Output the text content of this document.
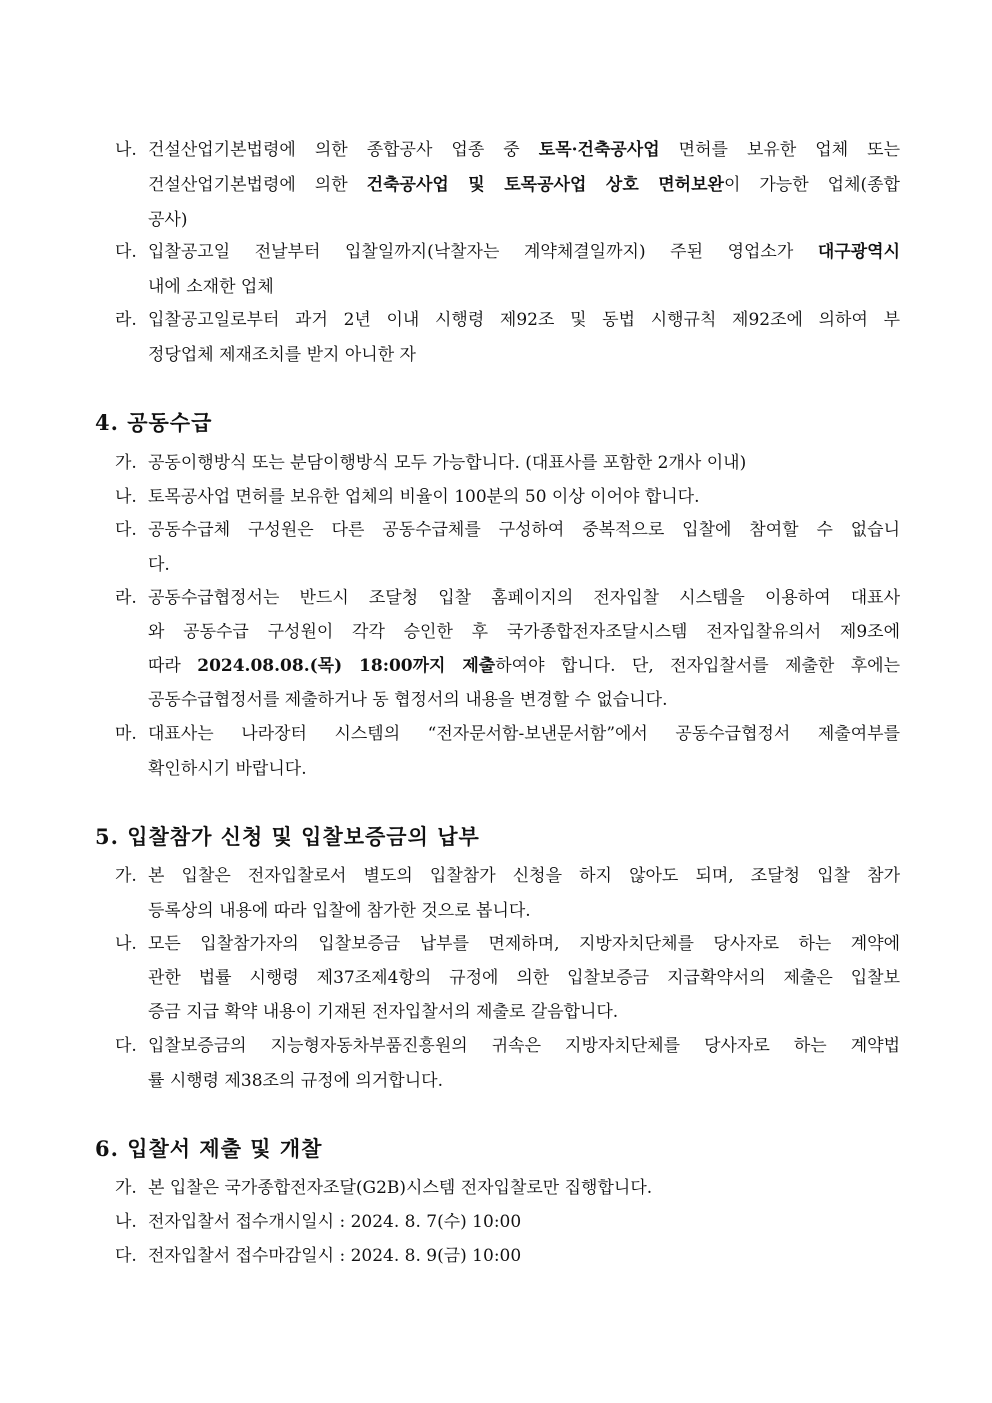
나. 건설산업기본법령에 의한 종합공사 업종 중 토목·건축공사업 면허를 보유한 업체 또는
건설산업기본법령에 의한 건축공사업 및 토목공사업 상호 면허보완이 가능한 업체(종합
공사)
다. 입찰공고일 전날부터 입찰일까지(낙찰자는 계약체결일까지) 주된 영업소가 대구광역시
내에 소재한 업체
라. 입찰공고일로부터 과거 2년 이내 시행령 제92조 및 동법 시행규칙 제92조에 의하여 부
정당업체 제재조치를 받지 아니한 자
4. 공동수급
가. 공동이행방식 또는 분담이행방식 모두 가능합니다. (대표사를 포함한 2개사 이내)
나. 토목공사업 면허를 보유한 업체의 비율이 100분의 50 이상 이어야 합니다.
다. 공동수급체 구성원은 다른 공동수급체를 구성하여 중복적으로 입찰에 참여할 수 없습니
다.
라. 공동수급협정서는 반드시 조달청 입찰 홈페이지의 전자입찰 시스템을 이용하여 대표사
와 공동수급 구성원이 각각 승인한 후 국가종합전자조달시스템 전자입찰유의서 제9조에
따라 2024.08.08.(목) 18:00까지 제출하여야 합니다. 단, 전자입찰서를 제출한 후에는
공동수급협정서를 제출하거나 동 협정서의 내용을 변경할 수 없습니다.
마. 대표사는 나라장터 시스템의 “전자문서함-보낸문서함”에서 공동수급협정서 제출여부를
확인하시기 바랍니다.
5. 입찰참가 신청 및 입찰보증금의 납부
가. 본 입찰은 전자입찰로서 별도의 입찰참가 신청을 하지 않아도 되며, 조달청 입찰 참가
등록상의 내용에 따라 입찰에 참가한 것으로 봅니다.
나. 모든 입찰참가자의 입찰보증금 납부를 면제하며, 지방자치단체를 당사자로 하는 계약에
관한 법률 시행령 제37조제4항의 규정에 의한 입찰보증금 지급확약서의 제출은 입찰보
증금 지급 확약 내용이 기재된 전자입찰서의 제출로 갈음합니다.
다. 입찰보증금의 지능형자동차부품진흥원의 귀속은 지방자치단체를 당사자로 하는 계약법
률 시행령 제38조의 규정에 의거합니다.
6. 입찰서 제출 및 개찰
가. 본 입찰은 국가종합전자조달(G2B)시스템 전자입찰로만 집행합니다.
나. 전자입찰서 접수개시일시 : 2024. 8. 7(수) 10:00
다. 전자입찰서 접수마감일시 : 2024. 8. 9(금) 10:00
